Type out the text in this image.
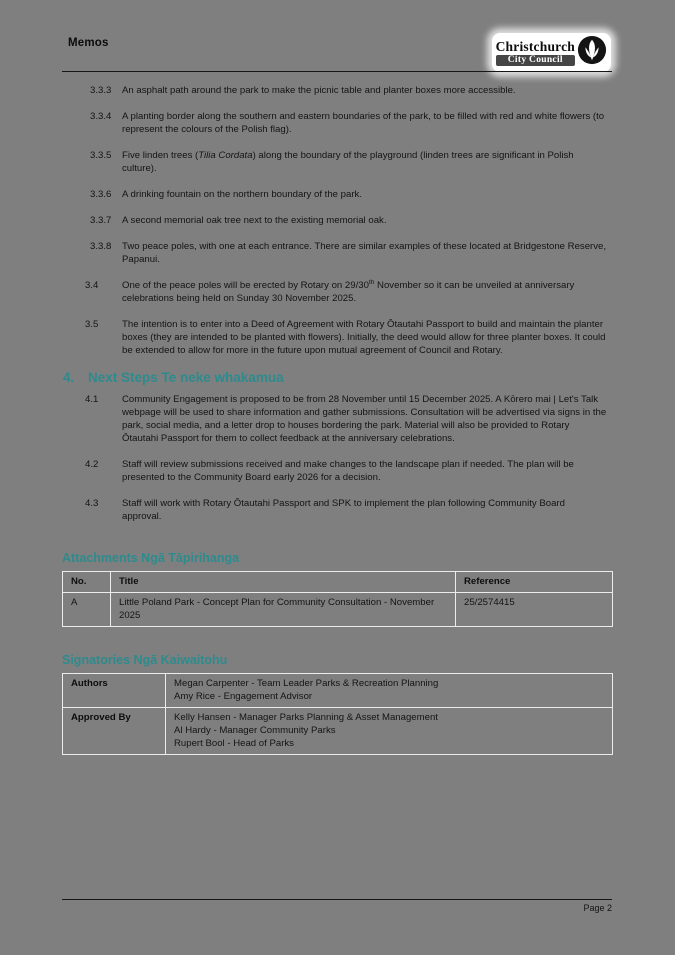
Memos	Christchurch
City Council
3.3.3	An asphalt path around the park to make the picnic table and planter boxes more accessible.
3.3.4	A planting border along the southern and eastern boundaries of the park, to be filled with red and white flowers (to represent the colours of the Polish flag).
3.3.5	Five linden trees (Tilia Cordata) along the boundary of the playground (linden trees are significant in Polish culture).
3.3.6	A drinking fountain on the northern boundary of the park.
3.3.7	A second memorial oak tree next to the existing memorial oak.
3.3.8	Two peace poles, with one at each entrance. There are similar examples of these located at Bridgestone Reserve, Papanui.
3.4	One of the peace poles will be erected by Rotary on 29/30th November so it can be unveiled at anniversary celebrations being held on Sunday 30 November 2025.
3.5	The intention is to enter into a Deed of Agreement with Rotary Ōtautahi Passport to build and maintain the planter boxes (they are intended to be planted with flowers). Initially, the deed would allow for three planter boxes. It could be extended to allow for more in the future upon mutual agreement of Council and Rotary.
4.	Next Steps Te neke whakamua
4.1	Community Engagement is proposed to be from 28 November until 15 December 2025. A Kōrero mai | Let's Talk webpage will be used to share information and gather submissions. Consultation will be advertised via signs in the park, social media, and a letter drop to houses bordering the park. Material will also be provided to Rotary Ōtautahi Passport for them to collect feedback at the anniversary celebrations.
4.2	Staff will review submissions received and make changes to the landscape plan if needed. The plan will be presented to the Community Board early 2026 for a decision.
4.3	Staff will work with Rotary Ōtautahi Passport and SPK to implement the plan following Community Board approval.
Attachments Ngā Tāpirihanga
No.	Title	Reference
A	Little Poland Park - Concept Plan for Community Consultation - November 2025	25/2574415
Signatories Ngā Kaiwaitohu
Authors	Megan Carpenter - Team Leader Parks & Recreation Planning
Amy Rice - Engagement Advisor

Approved By	Kelly Hansen - Manager Parks Planning & Asset Management
Al Hardy - Manager Community Parks
Rupert Bool - Head of Parks
Page 2
